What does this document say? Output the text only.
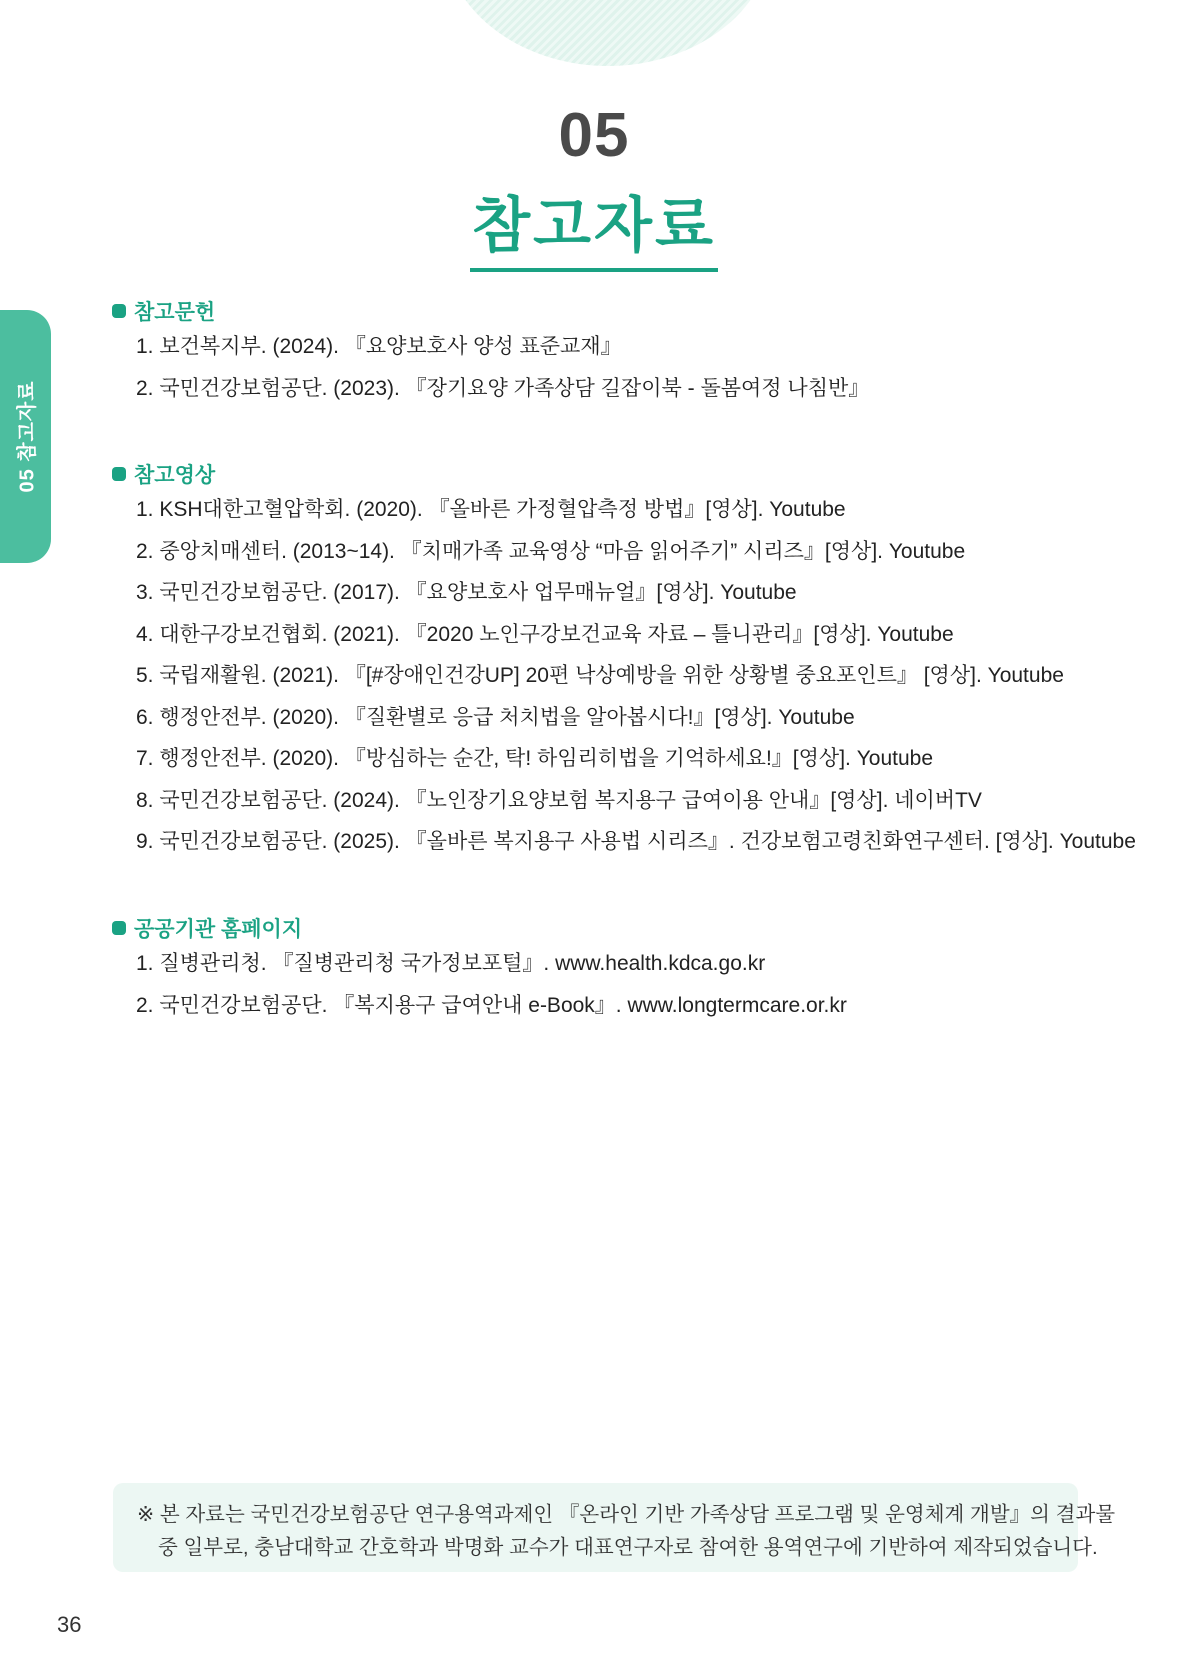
05
참고자료
05 참고자료
참고문헌
1. 보건복지부. (2024). 『요양보호사 양성 표준교재』
2. 국민건강보험공단. (2023). 『장기요양 가족상담 길잡이북 - 돌봄여정 나침반』
참고영상
1. KSH대한고혈압학회. (2020). 『올바른 가정혈압측정 방법』[영상]. Youtube
2. 중앙치매센터. (2013~14). 『치매가족 교육영상 “마음 읽어주기” 시리즈』[영상]. Youtube
3. 국민건강보험공단. (2017). 『요양보호사 업무매뉴얼』[영상]. Youtube
4. 대한구강보건협회. (2021). 『2020 노인구강보건교육 자료 – 틀니관리』[영상]. Youtube
5. 국립재활원. (2021). 『[#장애인건강UP] 20편 낙상예방을 위한 상황별 중요포인트』 [영상]. Youtube
6. 행정안전부. (2020). 『질환별로 응급 처치법을 알아봅시다!』[영상]. Youtube
7. 행정안전부. (2020). 『방심하는 순간, 탁! 하임리히법을 기억하세요!』[영상]. Youtube
8. 국민건강보험공단. (2024). 『노인장기요양보험 복지용구 급여이용 안내』[영상]. 네이버TV
9. 국민건강보험공단. (2025). 『올바른 복지용구 사용법 시리즈』. 건강보험고령친화연구센터. [영상]. Youtube
공공기관 홈페이지
1. 질병관리청. 『질병관리청 국가정보포털』. www.health.kdca.go.kr
2. 국민건강보험공단. 『복지용구 급여안내 e-Book』. www.longtermcare.or.kr
※ 본 자료는 국민건강보험공단 연구용역과제인 『온라인 기반 가족상담 프로그램 및 운영체계 개발』의 결과물
중 일부로, 충남대학교 간호학과 박명화 교수가 대표연구자로 참여한 용역연구에 기반하여 제작되었습니다.
36
